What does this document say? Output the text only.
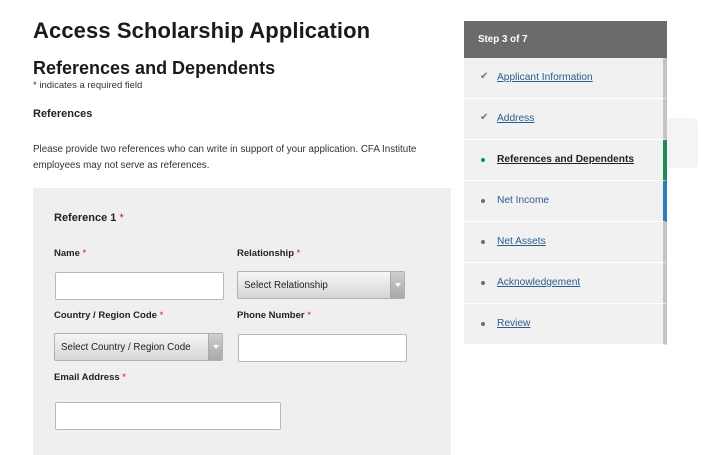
Access Scholarship Application
References and Dependents
* indicates a required field
References
Please provide two references who can write in support of your application. CFA Institute employees may not serve as references.
Reference 1 *
Name *	Relationship *
Select Relationship
Country / Region Code *
Select Country / Region Code
Phone Number *
Email Address *
Step 3 of 7
✔ Applicant Information
✔ Address
References and Dependents
Net Income
Net Assets
Acknowledgement
Review
